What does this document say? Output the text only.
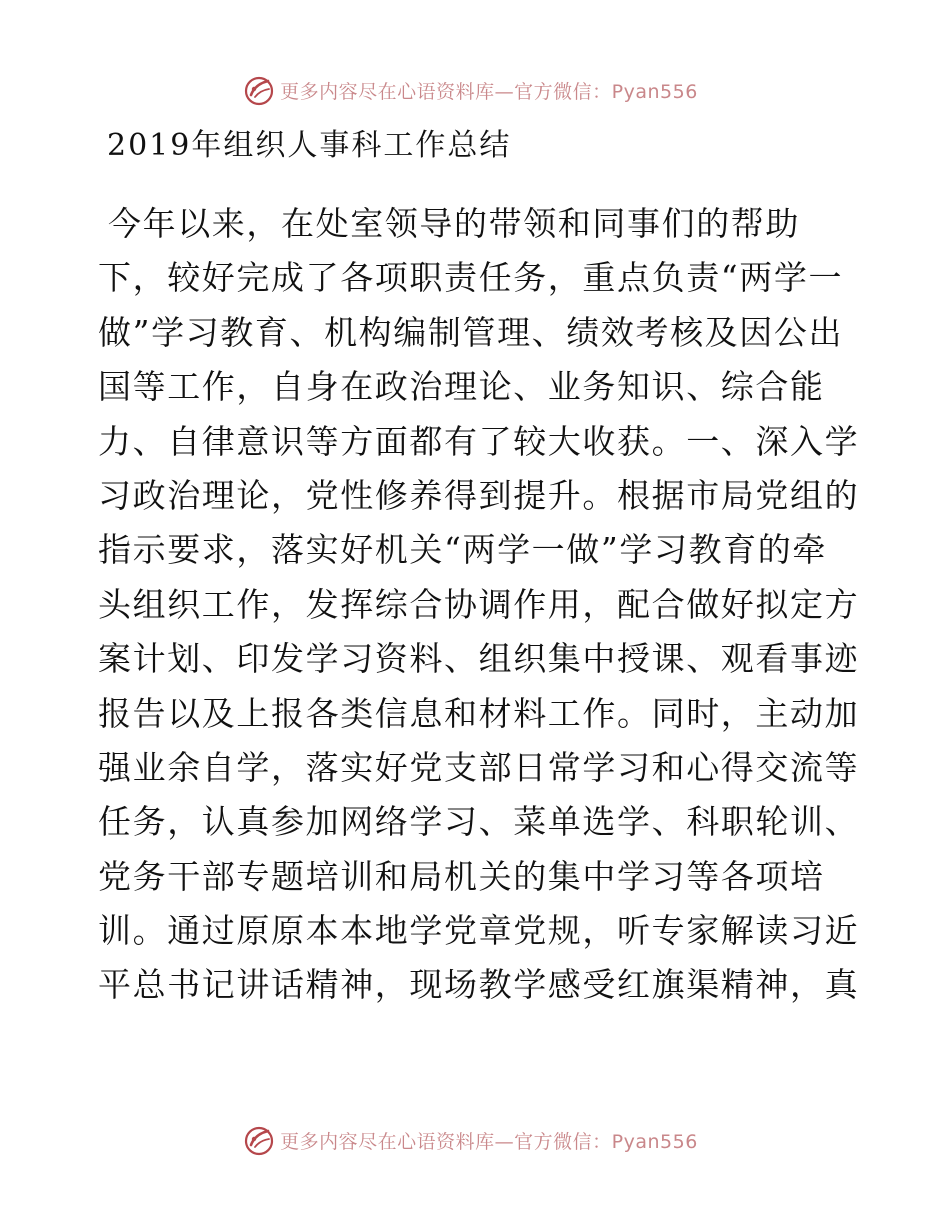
更多内容尽在心语资料库—官方微信：Pyan556
2019年组织人事科工作总结
今年以来，在处室领导的带领和同事们的帮助
下，较好完成了各项职责任务，重点负责“两学一
做”学习教育、机构编制管理、绩效考核及因公出
国等工作，自身在政治理论、业务知识、综合能
力、自律意识等方面都有了较大收获。一、深入学
习政治理论，党性修养得到提升。根据市局党组的
指示要求，落实好机关“两学一做”学习教育的牵
头组织工作，发挥综合协调作用，配合做好拟定方
案计划、印发学习资料、组织集中授课、观看事迹
报告以及上报各类信息和材料工作。同时，主动加
强业余自学，落实好党支部日常学习和心得交流等
任务，认真参加网络学习、菜单选学、科职轮训、
党务干部专题培训和局机关的集中学习等各项培
训。通过原原本本地学党章党规，听专家解读习近
平总书记讲话精神，现场教学感受红旗渠精神，真
更多内容尽在心语资料库—官方微信：Pyan556
